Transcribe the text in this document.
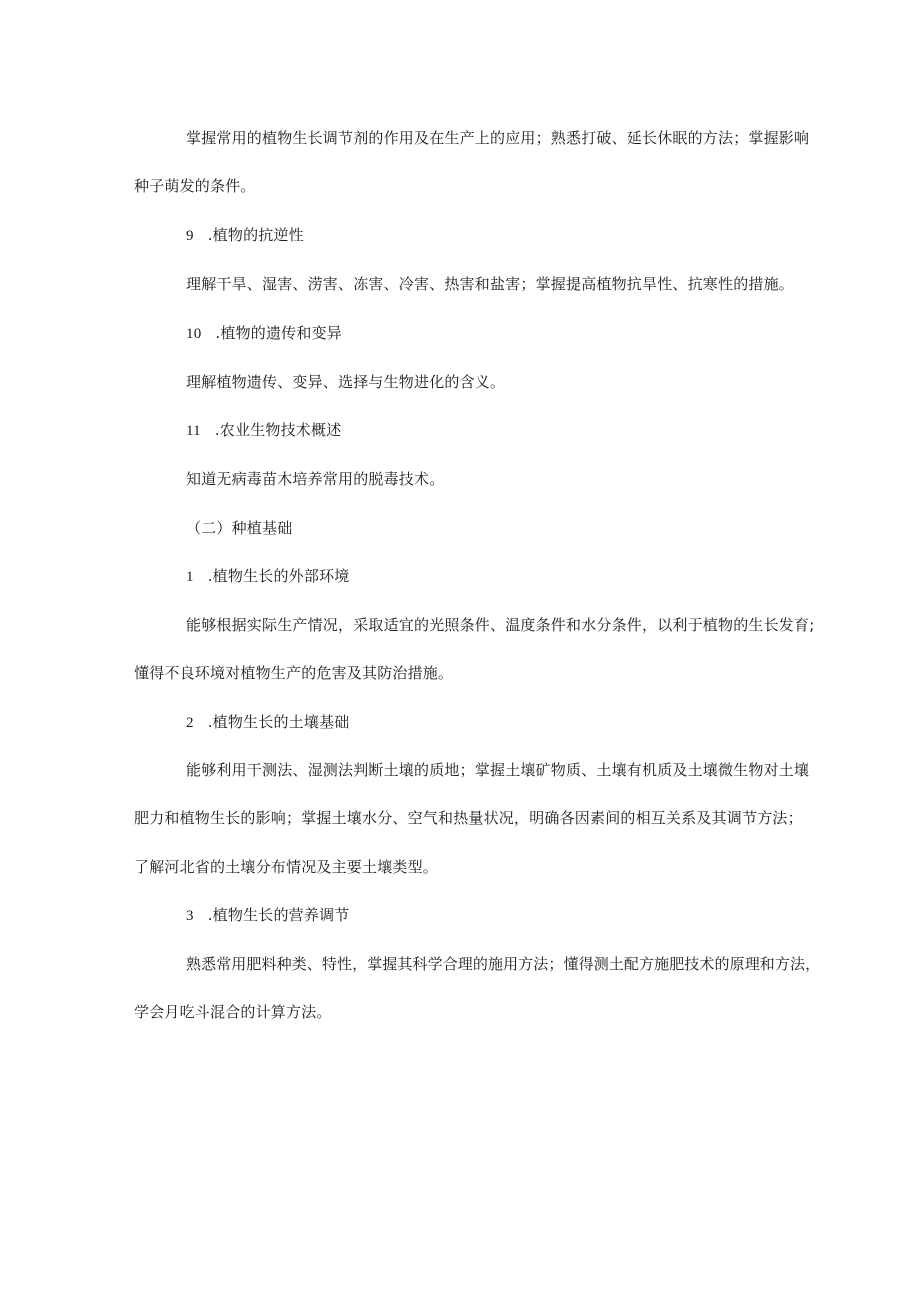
掌握常用的植物生长调节剂的作用及在生产上的应用；熟悉打破、延长休眠的方法；掌握影响
种子萌发的条件。
9 .植物的抗逆性
理解干旱、湿害、涝害、冻害、冷害、热害和盐害；掌握提高植物抗旱性、抗寒性的措施。
10 .植物的遗传和变异
理解植物遗传、变异、选择与生物进化的含义。
11 .农业生物技术概述
知道无病毒苗木培养常用的脱毒技术。
（二）种植基础
1 .植物生长的外部环境
能够根据实际生产情况，采取适宜的光照条件、温度条件和水分条件，以利于植物的生长发育;
懂得不良环境对植物生产的危害及其防治措施。
2 .植物生长的土壤基础
能够利用干测法、湿测法判断土壤的质地；掌握土壤矿物质、土壤有机质及土壤微生物对土壤
肥力和植物生长的影响；掌握土壤水分、空气和热量状况，明确各因素间的相互关系及其调节方法；
了解河北省的土壤分布情况及主要土壤类型。
3 .植物生长的营养调节
熟悉常用肥料种类、特性，掌握其科学合理的施用方法；懂得测土配方施肥技术的原理和方法，
学会月吃斗混合的计算方法。
